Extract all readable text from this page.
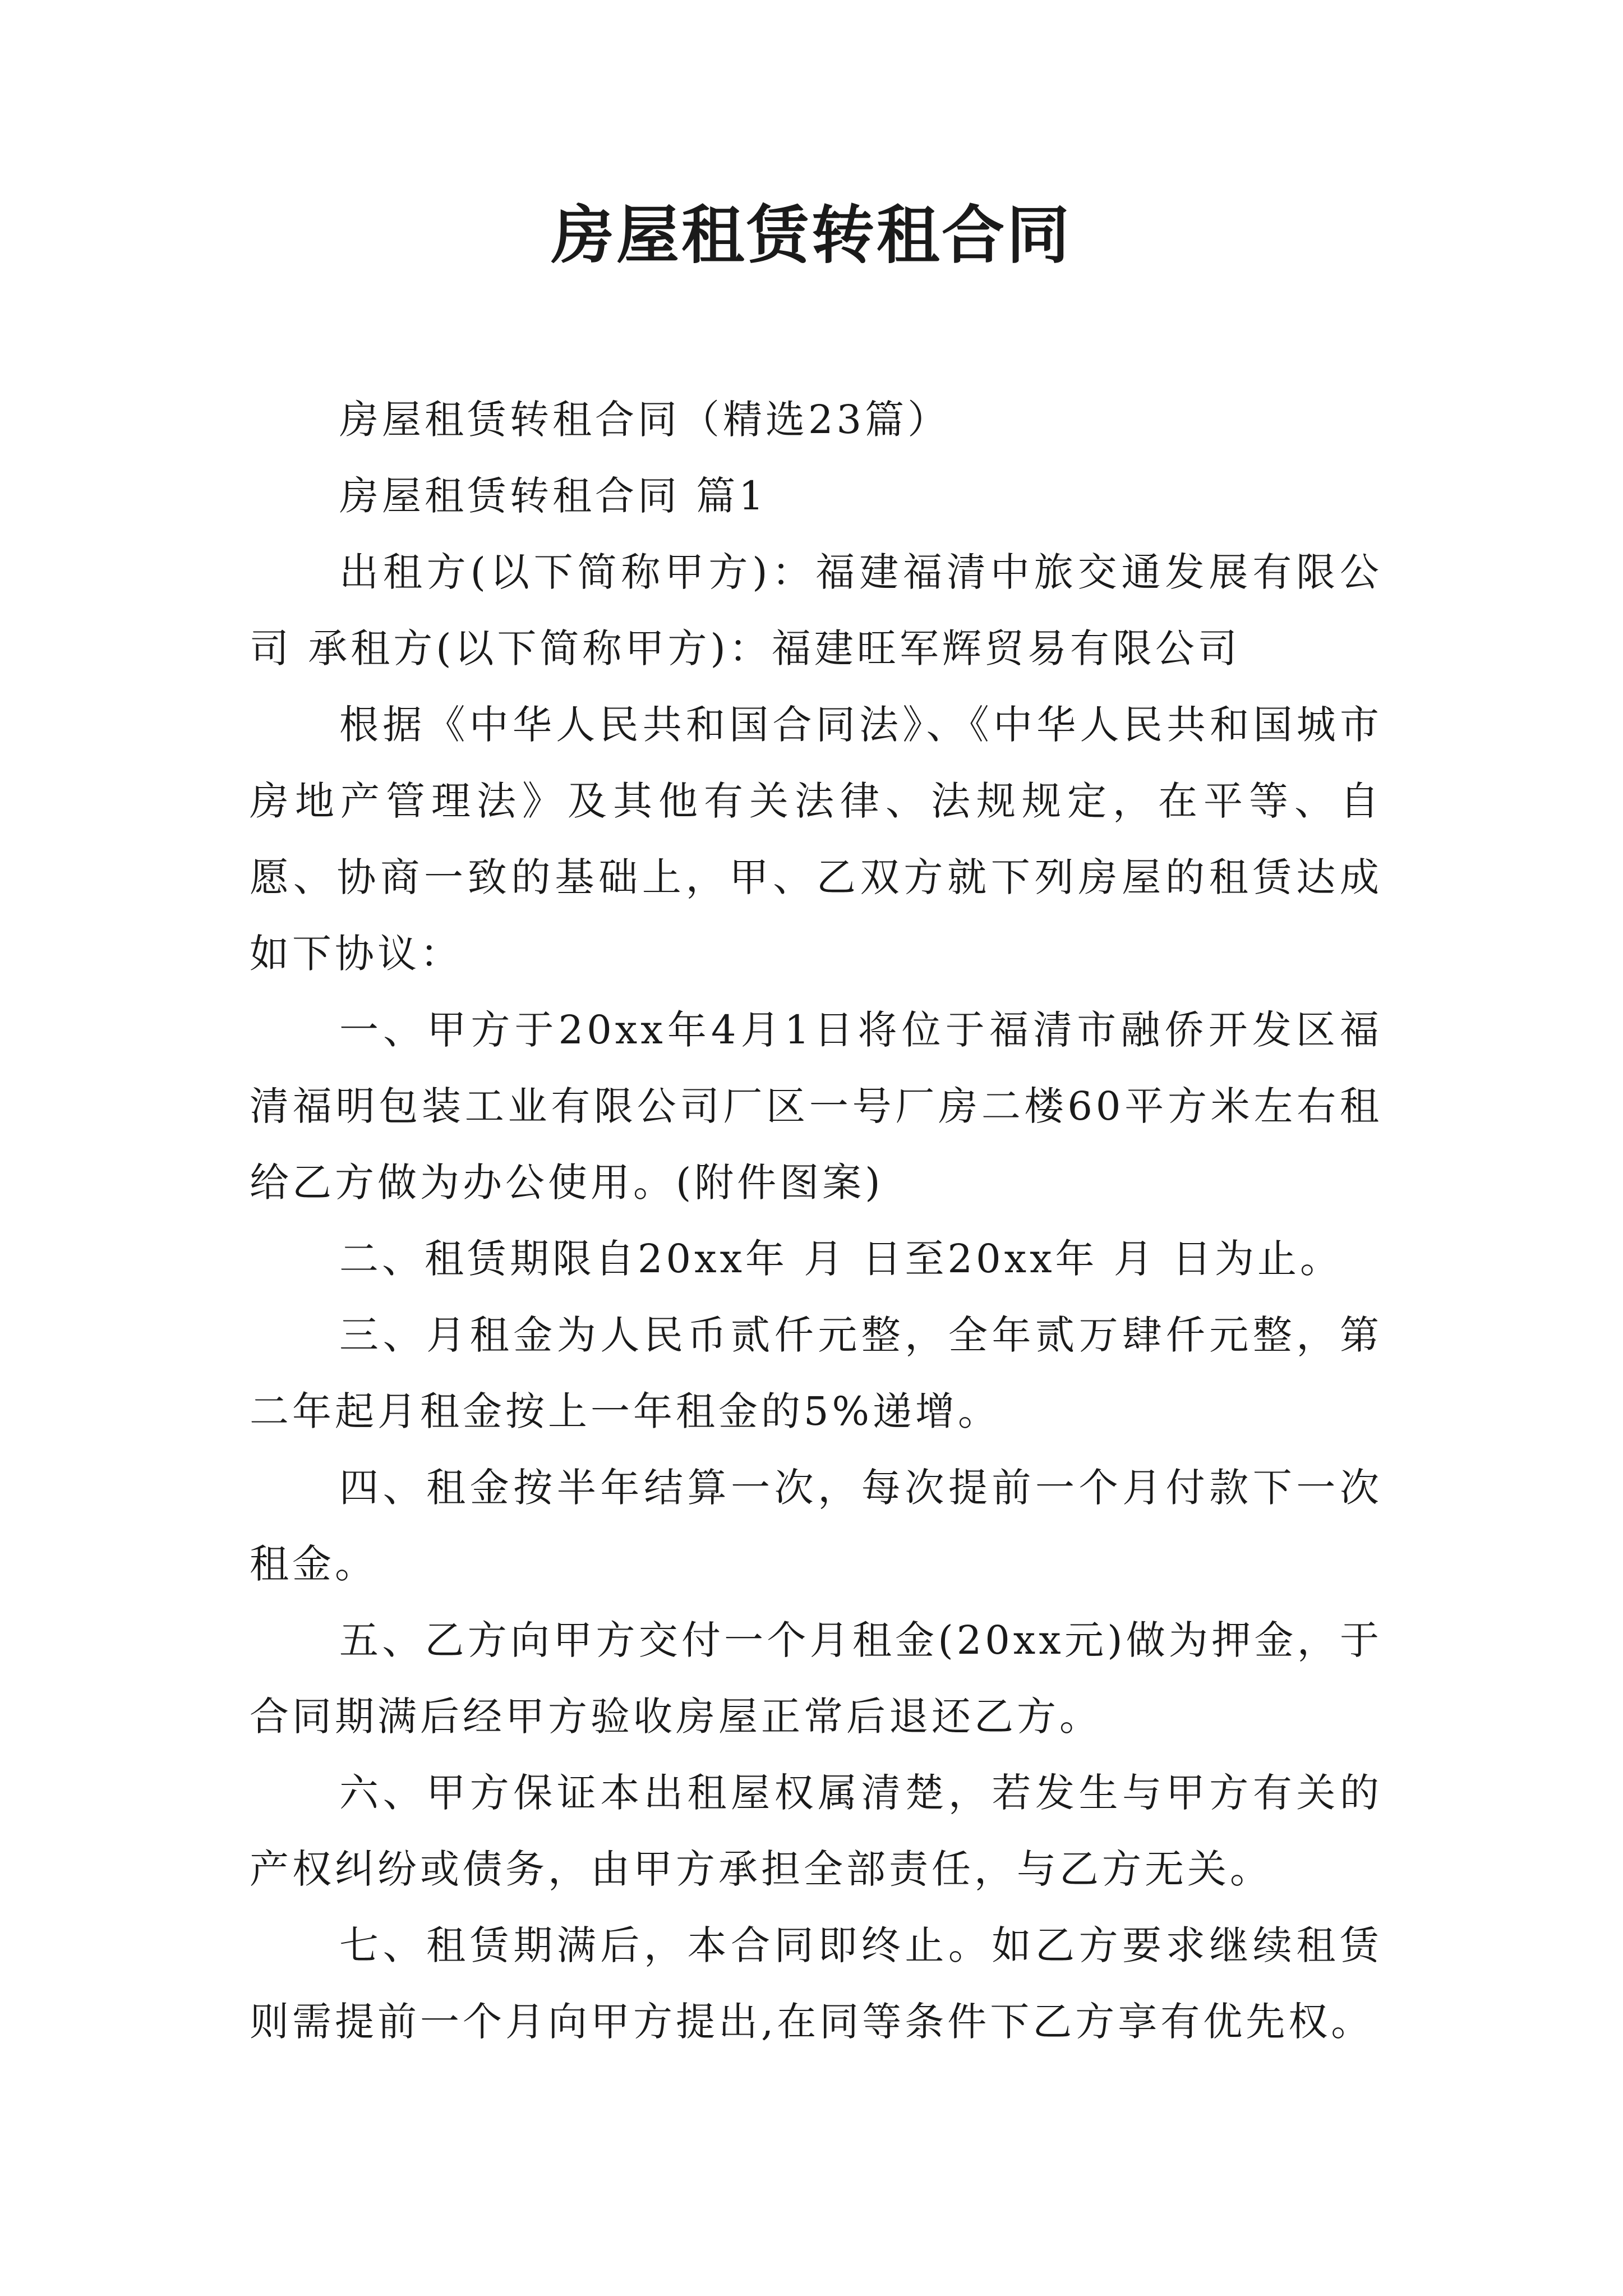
房屋租赁转租合同

房屋租赁转租合同（精选23篇）

房屋租赁转租合同 篇1

出租方(以下简称甲方)：福建福清中旅交通发展有限公司 承租方(以下简称甲方)：福建旺军辉贸易有限公司

根据《中华人民共和国合同法》、《中华人民共和国城市房地产管理法》及其他有关法律、法规规定，在平等、自愿、协商一致的基础上，甲、乙双方就下列房屋的租赁达成如下协议：

一、甲方于20xx年4月1日将位于福清市融侨开发区福清福明包装工业有限公司厂区一号厂房二楼60平方米左右租给乙方做为办公使用。(附件图案)

二、租赁期限自20xx年 月 日至20xx年 月 日为止。

三、月租金为人民币贰仟元整，全年贰万肆仟元整，第二年起月租金按上一年租金的5%递增。

四、租金按半年结算一次，每次提前一个月付款下一次租金。

五、乙方向甲方交付一个月租金(20xx元)做为押金，于合同期满后经甲方验收房屋正常后退还乙方。

六、甲方保证本出租屋权属清楚，若发生与甲方有关的产权纠纷或债务，由甲方承担全部责任，与乙方无关。

七、租赁期满后，本合同即终止。如乙方要求继续租赁则需提前一个月向甲方提出,在同等条件下乙方享有优先权。
